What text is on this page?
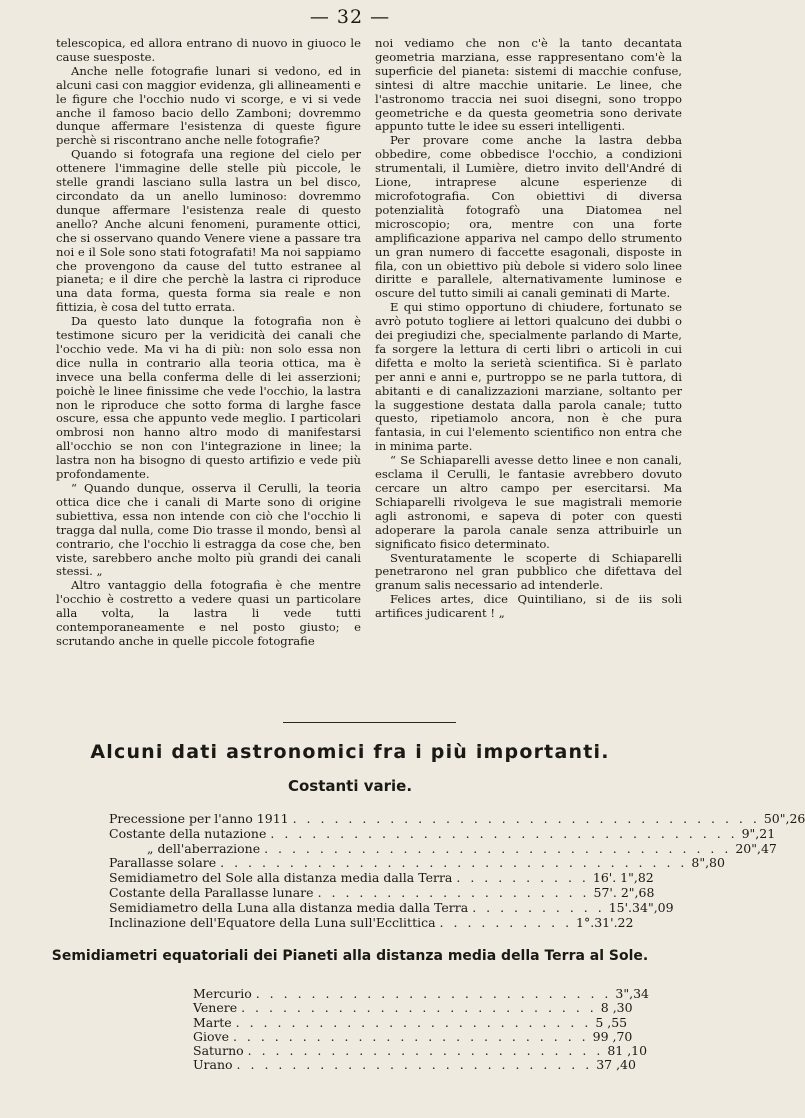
— 32 —

telescopica, ed allora entrano di nuovo in giuoco le cause suesposte.

Anche nelle fotografie lunari si vedono, ed in alcuni casi con maggior evidenza, gli allineamenti e le figure che l'occhio nudo vi scorge, e vi si vede anche il famoso bacio dello Zamboni; dovremmo dunque affermare l'esistenza di queste figure perchè si riscontrano anche nelle fotografie?

Quando si fotografa una regione del cielo per ottenere l'immagine delle stelle più piccole, le stelle grandi lasciano sulla lastra un bel disco, circondato da un anello luminoso: dovremmo dunque affermare l'esistenza reale di questo anello? Anche alcuni fenomeni, puramente ottici, che si osservano quando Venere viene a passare tra noi e il Sole sono stati fotografati! Ma noi sappiamo che provengono da cause del tutto estranee al pianeta; e il dire che perchè la lastra ci riproduce una data forma, questa forma sia reale e non fittizia, è cosa del tutto errata.

Da questo lato dunque la fotografia non è testimone sicuro per la veridicità dei canali che l'occhio vede. Ma vi ha di più: non solo essa non dice nulla in contrario alla teoria ottica, ma è invece una bella conferma delle di lei asserzioni; poichè le linee finissime che vede l'occhio, la lastra non le riproduce che sotto forma di larghe fasce oscure, essa che appunto vede meglio. I particolari ombrosi non hanno altro modo di manifestarsi all'occhio se non con l'integrazione in linee; la lastra non ha bisogno di questo artifizio e vede più profondamente.

“ Quando dunque, osserva il Cerulli, la teoria ottica dice che i canali di Marte sono di origine subiettiva, essa non intende con ciò che l'occhio li tragga dal nulla, come Dio trasse il mondo, bensì al contrario, che l'occhio li estragga da cose che, ben viste, sarebbero anche molto più grandi dei canali stessi. „

Altro vantaggio della fotografia è che mentre l'occhio è costretto a vedere quasi un particolare alla volta, la lastra li vede tutti contemporaneamente e nel posto giusto; e scrutando anche in quelle piccole fotografie

noi vediamo che non c'è la tanto decantata geometria marziana, esse rappresentano com'è la superficie del pianeta: sistemi di macchie confuse, sintesi di altre macchie unitarie. Le linee, che l'astronomo traccia nei suoi disegni, sono troppo geometriche e da questa geometria sono derivate appunto tutte le idee su esseri intelligenti.

Per provare come anche la lastra debba obbedire, come obbedisce l'occhio, a condizioni strumentali, il Lumière, dietro invito dell'André di Lione, intraprese alcune esperienze di microfotografia. Con obiettivi di diversa potenzialità fotografò una Diatomea nel microscopio; ora, mentre con una forte amplificazione appariva nel campo dello strumento un gran numero di faccette esagonali, disposte in fila, con un obiettivo più debole si videro solo linee diritte e parallele, alternativamente luminose e oscure del tutto simili ai canali geminati di Marte.

E qui stimo opportuno di chiudere, fortunato se avrò potuto togliere ai lettori qualcuno dei dubbi o dei pregiudizi che, specialmente parlando di Marte, fa sorgere la lettura di certi libri o articoli in cui difetta e molto la serietà scientifica. Si è parlato per anni e anni e, purtroppo se ne parla tuttora, di abitanti e di canalizzazioni marziane, soltanto per la suggestione destata dalla parola canale; tutto questo, ripetiamolo ancora, non è che pura fantasia, in cui l'elemento scientifico non entra che in minima parte.

“ Se Schiaparelli avesse detto linee e non canali, esclama il Cerulli, le fantasie avrebbero dovuto cercare un altro campo per esercitarsi. Ma Schiaparelli rivolgeva le sue magistrali memorie agli astronomi, e sapeva di poter con questi adoperare la parola canale senza attribuirle un significato fisico determinato.

Sventuratamente le scoperte di Schiaparelli penetrarono nel gran pubblico che difettava del granum salis necessario ad intenderle.

Felices artes, dice Quintiliano, si de iis soli artifices judicarent ! „

Alcuni dati astronomici fra i più importanti.
Costanti varie.
Precessione per l'anno 1911 . . . . . . . . . . . . . . . . . . . . . . . . . . . . . . . . . . 50",26
Costante della nutazione . . . . . . . . . . . . . . . . . . . . . . . . . . . . . . . . . . 9",21
„ dell'aberrazione . . . . . . . . . . . . . . . . . . . . . . . . . . . . . . . . . . 20",47
Parallasse solare . . . . . . . . . . . . . . . . . . . . . . . . . . . . . . . . . . 8",80
Semidiametro del Sole alla distanza media dalla Terra . . . . . . . . . . 16'. 1",82
Costante della Parallasse lunare . . . . . . . . . . . . . . . . . . . . 57'. 2",68
Semidiametro della Luna alla distanza media dalla Terra . . . . . . . . . . 15'.34",09
Inclinazione dell'Equatore della Luna sull'Ecclittica . . . . . . . . . . 1°.31'.22
Semidiametri equatoriali dei Pianeti alla distanza media della Terra al Sole.
Mercurio . . . . . . . . . . . . . . . . . . . . . . . . . . 3",34
Venere . . . . . . . . . . . . . . . . . . . . . . . . . . 8 ,30
Marte . . . . . . . . . . . . . . . . . . . . . . . . . . 5 ,55
Giove . . . . . . . . . . . . . . . . . . . . . . . . . . 99 ,70
Saturno . . . . . . . . . . . . . . . . . . . . . . . . . . 81 ,10
Urano . . . . . . . . . . . . . . . . . . . . . . . . . . 37 ,40
